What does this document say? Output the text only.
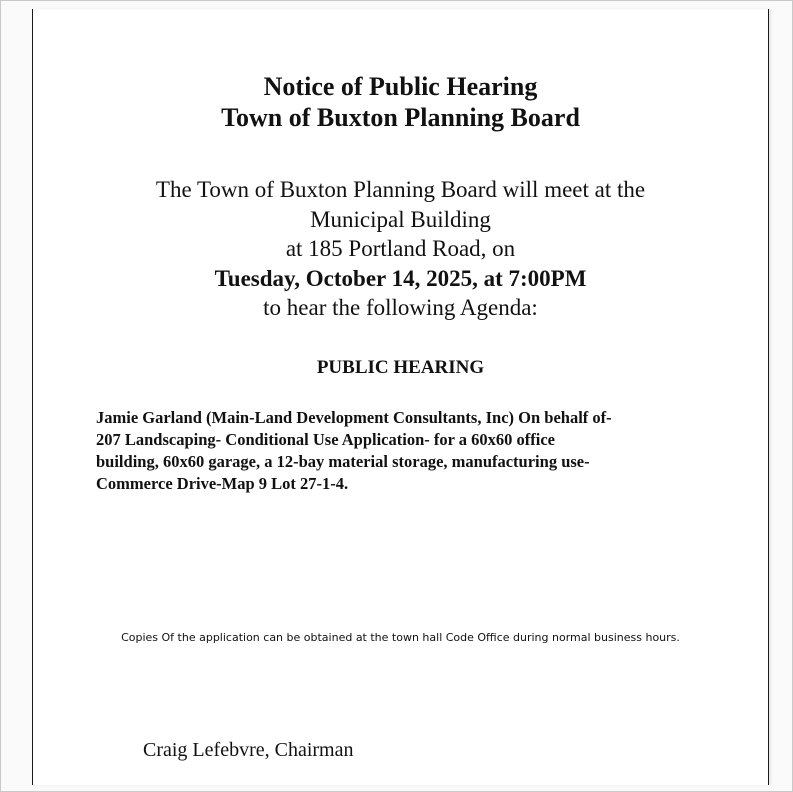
Notice of Public Hearing
Town of Buxton Planning Board
The Town of Buxton Planning Board will meet at the
Municipal Building
at 185 Portland Road, on
Tuesday, October 14, 2025, at 7:00PM
to hear the following Agenda:
PUBLIC HEARING
Jamie Garland (Main-Land Development Consultants, Inc) On behalf of-
207 Landscaping- Conditional Use Application- for a 60x60 office
building, 60x60 garage, a 12-bay material storage, manufacturing use-
Commerce Drive-Map 9 Lot 27-1-4.
Copies Of the application can be obtained at the town hall Code Office during normal business hours.
Craig Lefebvre, Chairman
